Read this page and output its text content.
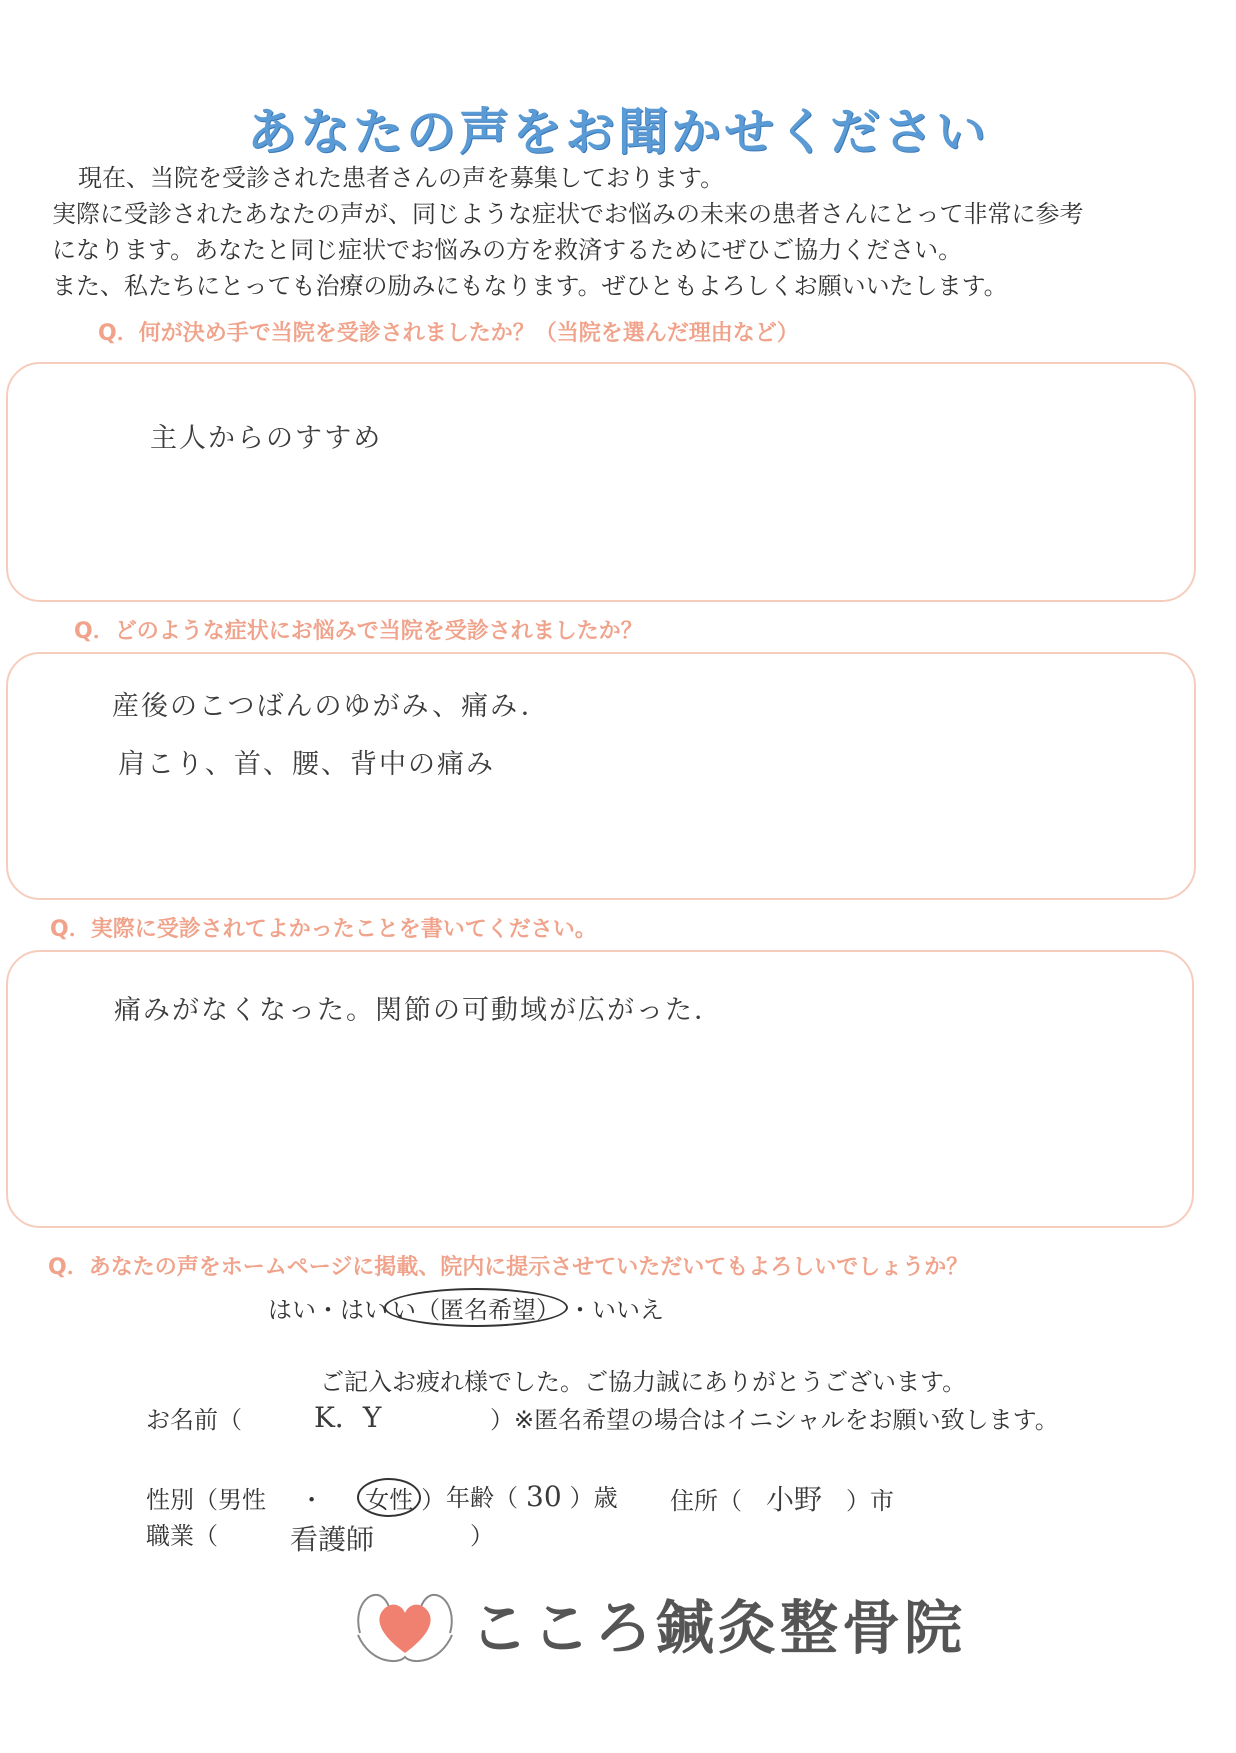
あなたの声をお聞かせください
現在、当院を受診された患者さんの声を募集しております。
実際に受診されたあなたの声が、同じような症状でお悩みの未来の患者さんにとって非常に参考
になります。あなたと同じ症状でお悩みの方を救済するためにぜひご協力ください。
また、私たちにとっても治療の励みにもなります。ぜひともよろしくお願いいたします。
Q．何が決め手で当院を受診されましたか？（当院を選んだ理由など）
主人からのすすめ
Q．どのような症状にお悩みで当院を受診されましたか？
産後のこつばんのゆがみ、痛み．
肩こり、首、腰、背中の痛み
Q．実際に受診されてよかったことを書いてください。
痛みがなくなった。関節の可動域が広がった．
Q．あなたの声をホームページに掲載、院内に提示させていただいてもよろしいでしょうか？
はい・はい い（匿名希望） ・いいえ
ご記入お疲れ様でした。ご協力誠にありがとうございます。
お名前（	K．Y	）※匿名希望の場合はイニシャルをお願い致します。
性別（男性 ・ 女性 ） 年齢（ 30 ）歳 住所（ 小野 ）市
職業（	看護師	）
こころ鍼灸整骨院
